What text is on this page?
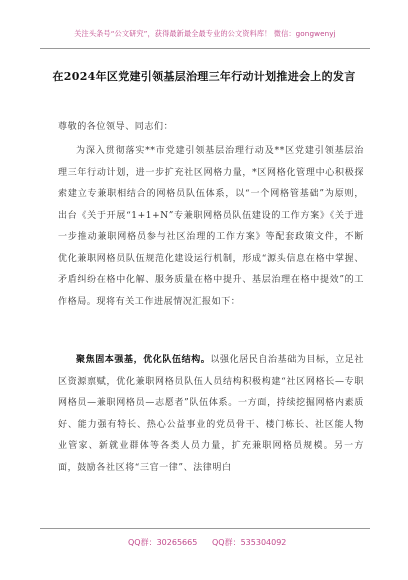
关注头条号“公文研究”，获得最新最全最专业的公文资料库！ 微信：gongwenyj
在2024年区党建引领基层治理三年行动计划推进会上的发言
尊敬的各位领导、同志们：
为深入贯彻落实**市党建引领基层治理行动及**区党建引领基层治理三年行动计划，进一步扩充社区网格力量，*区网格化管理中心积极探索建立专兼职相结合的网格员队伍体系，以“一个网格管基础”为原则，出台《关于开展“1+1+N”专兼职网格员队伍建设的工作方案》《关于进一步推动兼职网格员参与社区治理的工作方案》等配套政策文件，不断优化兼职网格员队伍规范化建设运行机制，形成“源头信息在格中掌握、矛盾纠纷在格中化解、服务质量在格中提升、基层治理在格中提效”的工作格局。现将有关工作进展情况汇报如下：
聚焦固本强基，优化队伍结构。以强化居民自治基础为目标，立足社区资源禀赋，优化兼职网格员队伍人员结构积极构建“社区网格长—专职网格员—兼职网格员—志愿者”队伍体系。一方面，持续挖掘网格内素质好、能力强有特长、热心公益事业的党员骨干、楼门栋长、社区能人物业管家、新就业群体等各类人员力量，扩充兼职网格员规模。另一方面，鼓励各社区将“三官一律”、法律明白
QQ群：30265665 QQ群：535304092
